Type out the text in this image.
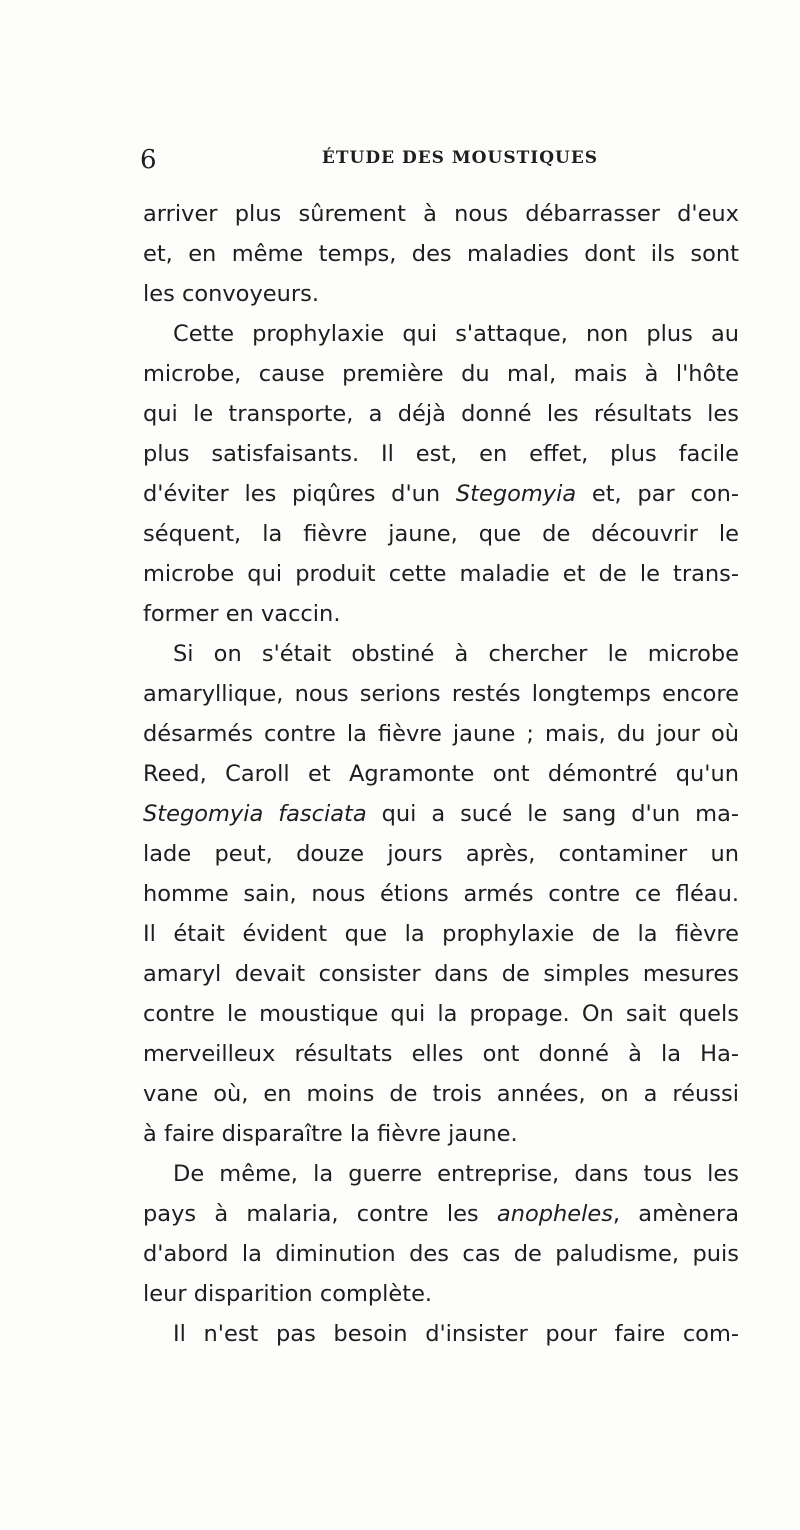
6	ÉTUDE DES MOUSTIQUES
arriver plus sûrement à nous débarrasser d'eux
et, en même temps, des maladies dont ils sont
les convoyeurs.
Cette prophylaxie qui s'attaque, non plus au
microbe, cause première du mal, mais à l'hôte
qui le transporte, a déjà donné les résultats les
plus satisfaisants. Il est, en effet, plus facile
d'éviter les piqûres d'un Stegomyia et, par con-
séquent, la fièvre jaune, que de découvrir le
microbe qui produit cette maladie et de le trans-
former en vaccin.
Si on s'était obstiné à chercher le microbe
amaryllique, nous serions restés longtemps encore
désarmés contre la fièvre jaune ; mais, du jour où
Reed, Caroll et Agramonte ont démontré qu'un
Stegomyia fasciata qui a sucé le sang d'un ma-
lade peut, douze jours après, contaminer un
homme sain, nous étions armés contre ce fléau.
Il était évident que la prophylaxie de la fièvre
amaryl devait consister dans de simples mesures
contre le moustique qui la propage. On sait quels
merveilleux résultats elles ont donné à la Ha-
vane où, en moins de trois années, on a réussi
à faire disparaître la fièvre jaune.
De même, la guerre entreprise, dans tous les
pays à malaria, contre les anopheles, amènera
d'abord la diminution des cas de paludisme, puis
leur disparition complète.
Il n'est pas besoin d'insister pour faire com-
